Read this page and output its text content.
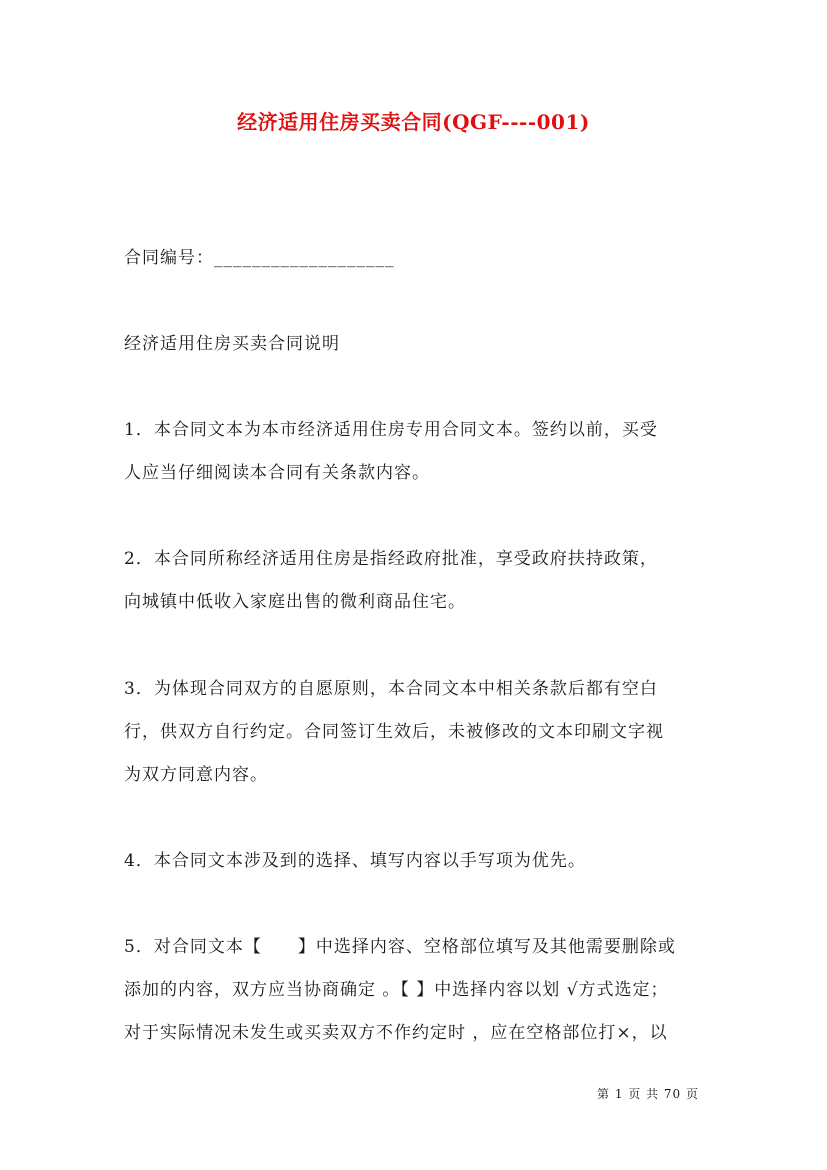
经济适用住房买卖合同(QGF----001)
合同编号：___________________
经济适用住房买卖合同说明
1．本合同文本为本市经济适用住房专用合同文本。签约以前，买受
人应当仔细阅读本合同有关条款内容。
2．本合同所称经济适用住房是指经政府批准，享受政府扶持政策，
向城镇中低收入家庭出售的微利商品住宅。
3．为体现合同双方的自愿原则，本合同文本中相关条款后都有空白
行，供双方自行约定。合同签订生效后，未被修改的文本印刷文字视
为双方同意内容。
4．本合同文本涉及到的选择、填写内容以手写项为优先。
5．对合同文本【　　】中选择内容、空格部位填写及其他需要删除或
添加的内容，双方应当协商确定 。【 】中选择内容以划 √方式选定；
对于实际情况未发生或买卖双方不作约定时 ，应在空格部位打×，以
第 1 页 共 70 页
